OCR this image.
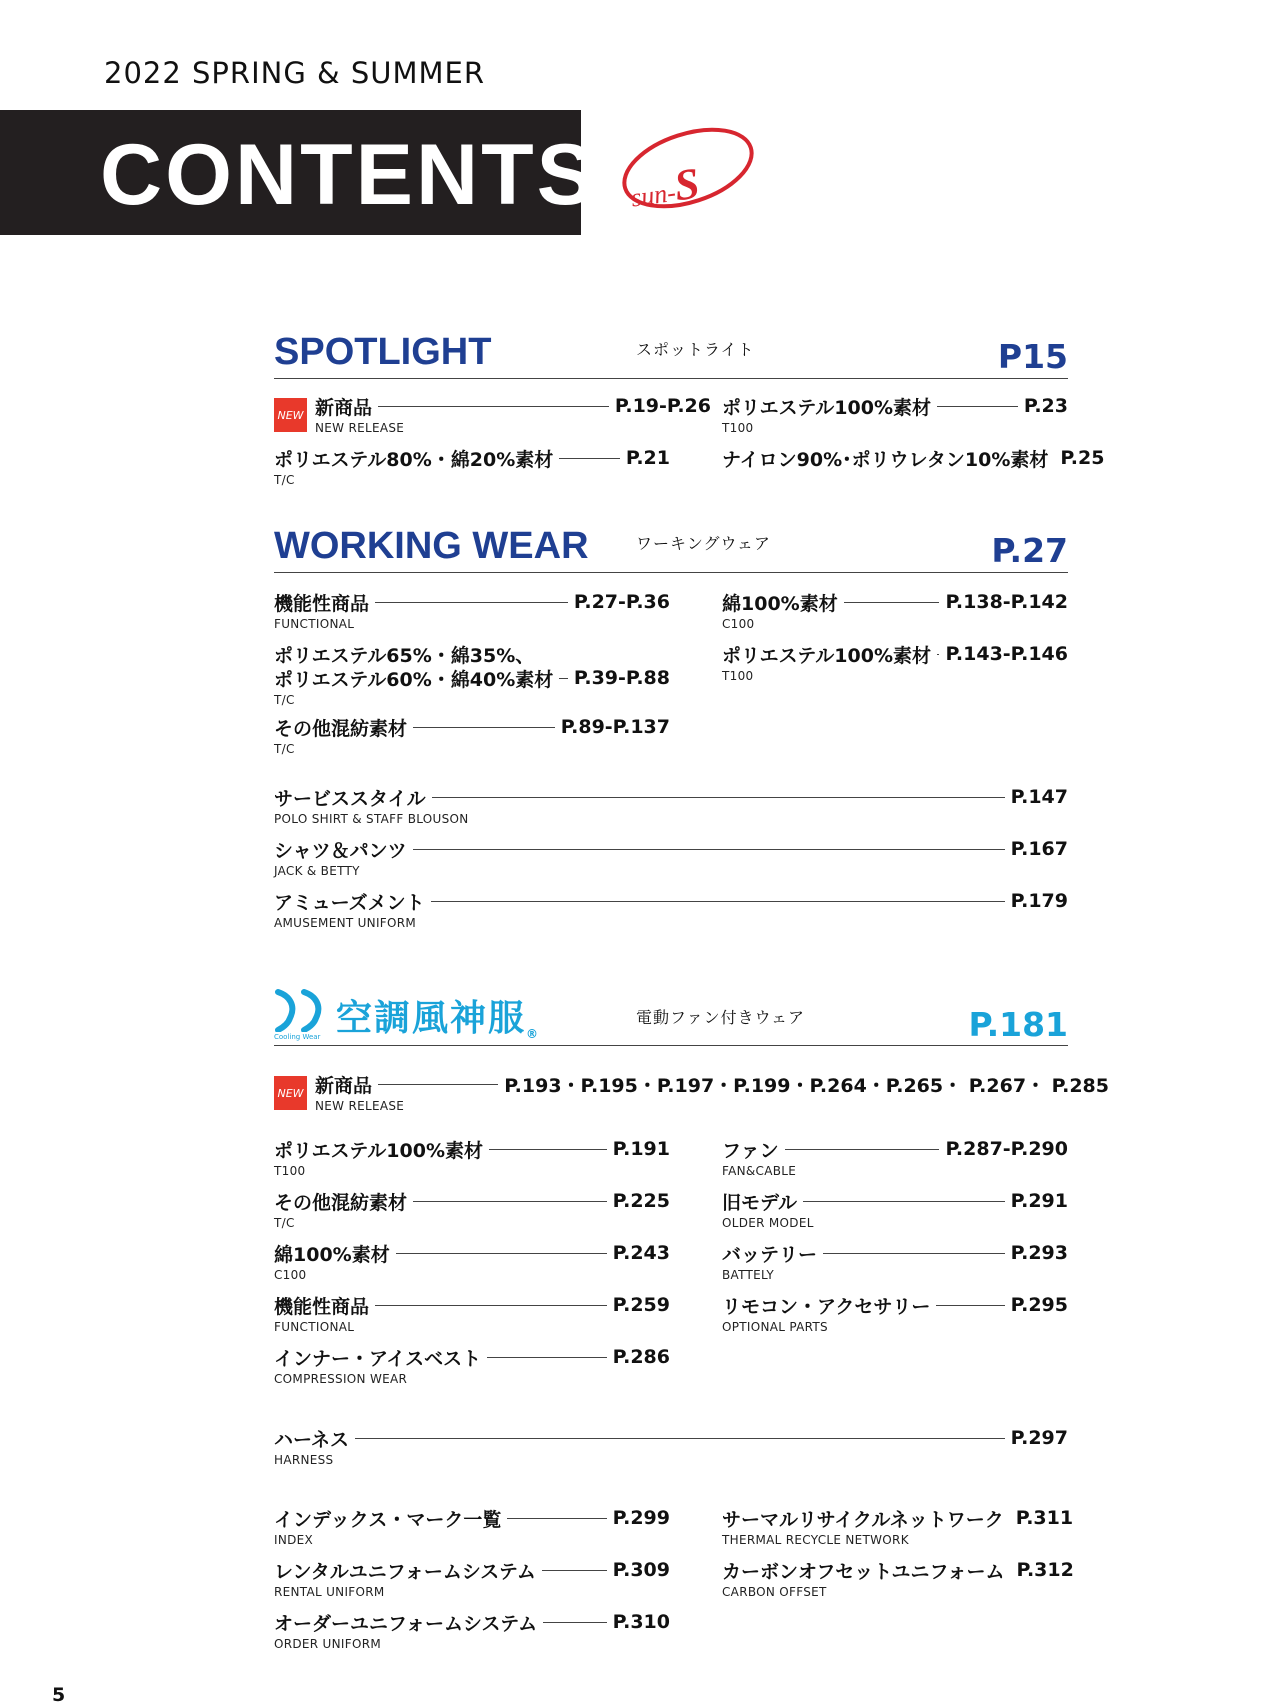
2022 SPRING & SUMMER
CONTENTS sun-S
SPOTLIGHT	スポットライト	P15
NEW 新商品	P.19-P.26
NEW RELEASE
ポリエステル100%素材	P.23
T100
ポリエステル80%・綿20%素材	P.21
T/C
ナイロン90%･ポリウレタン10%素材 P.25
WORKING WEAR	ワーキングウェア	P.27
機能性商品	P.27-P.36
FUNCTIONAL
綿100%素材	P.138-P.142
C100
ポリエステル65%・綿35%、
ポリエステル60%・綿40%素材 P.39-P.88
T/C
ポリエステル100%素材 P.143-P.146
T100
その他混紡素材	P.89-P.137
T/C
サービススタイル	P.147
POLO SHIRT & STAFF BLOUSON
シャツ＆パンツ	P.167
JACK & BETTY
アミューズメント	P.179
AMUSEMENT UNIFORM
電動ファン付きウェア	P.181
空調風神服®
Cooling Wear
NEW 新商品	P.193・P.195・P.197・P.199・P.264・P.265・ P.267・ P.285
NEW RELEASE
ポリエステル100%素材	P.191
T100
ファン	P.287-P.290
FAN&CABLE
その他混紡素材	P.225
T/C
旧モデル	P.291
OLDER MODEL
綿100%素材	P.243
C100
バッテリー	P.293
BATTELY
機能性商品	P.259
FUNCTIONAL
リモコン・アクセサリー	P.295
OPTIONAL PARTS
インナー・アイスベスト	P.286
COMPRESSION WEAR
ハーネス	P.297
HARNESS
インデックス・マーク一覧	P.299
INDEX
サーマルリサイクルネットワーク P.311
THERMAL RECYCLE NETWORK
レンタルユニフォームシステム	P.309
RENTAL UNIFORM
カーボンオフセットユニフォーム P.312
CARBON OFFSET
オーダーユニフォームシステム	P.310
ORDER UNIFORM
5
